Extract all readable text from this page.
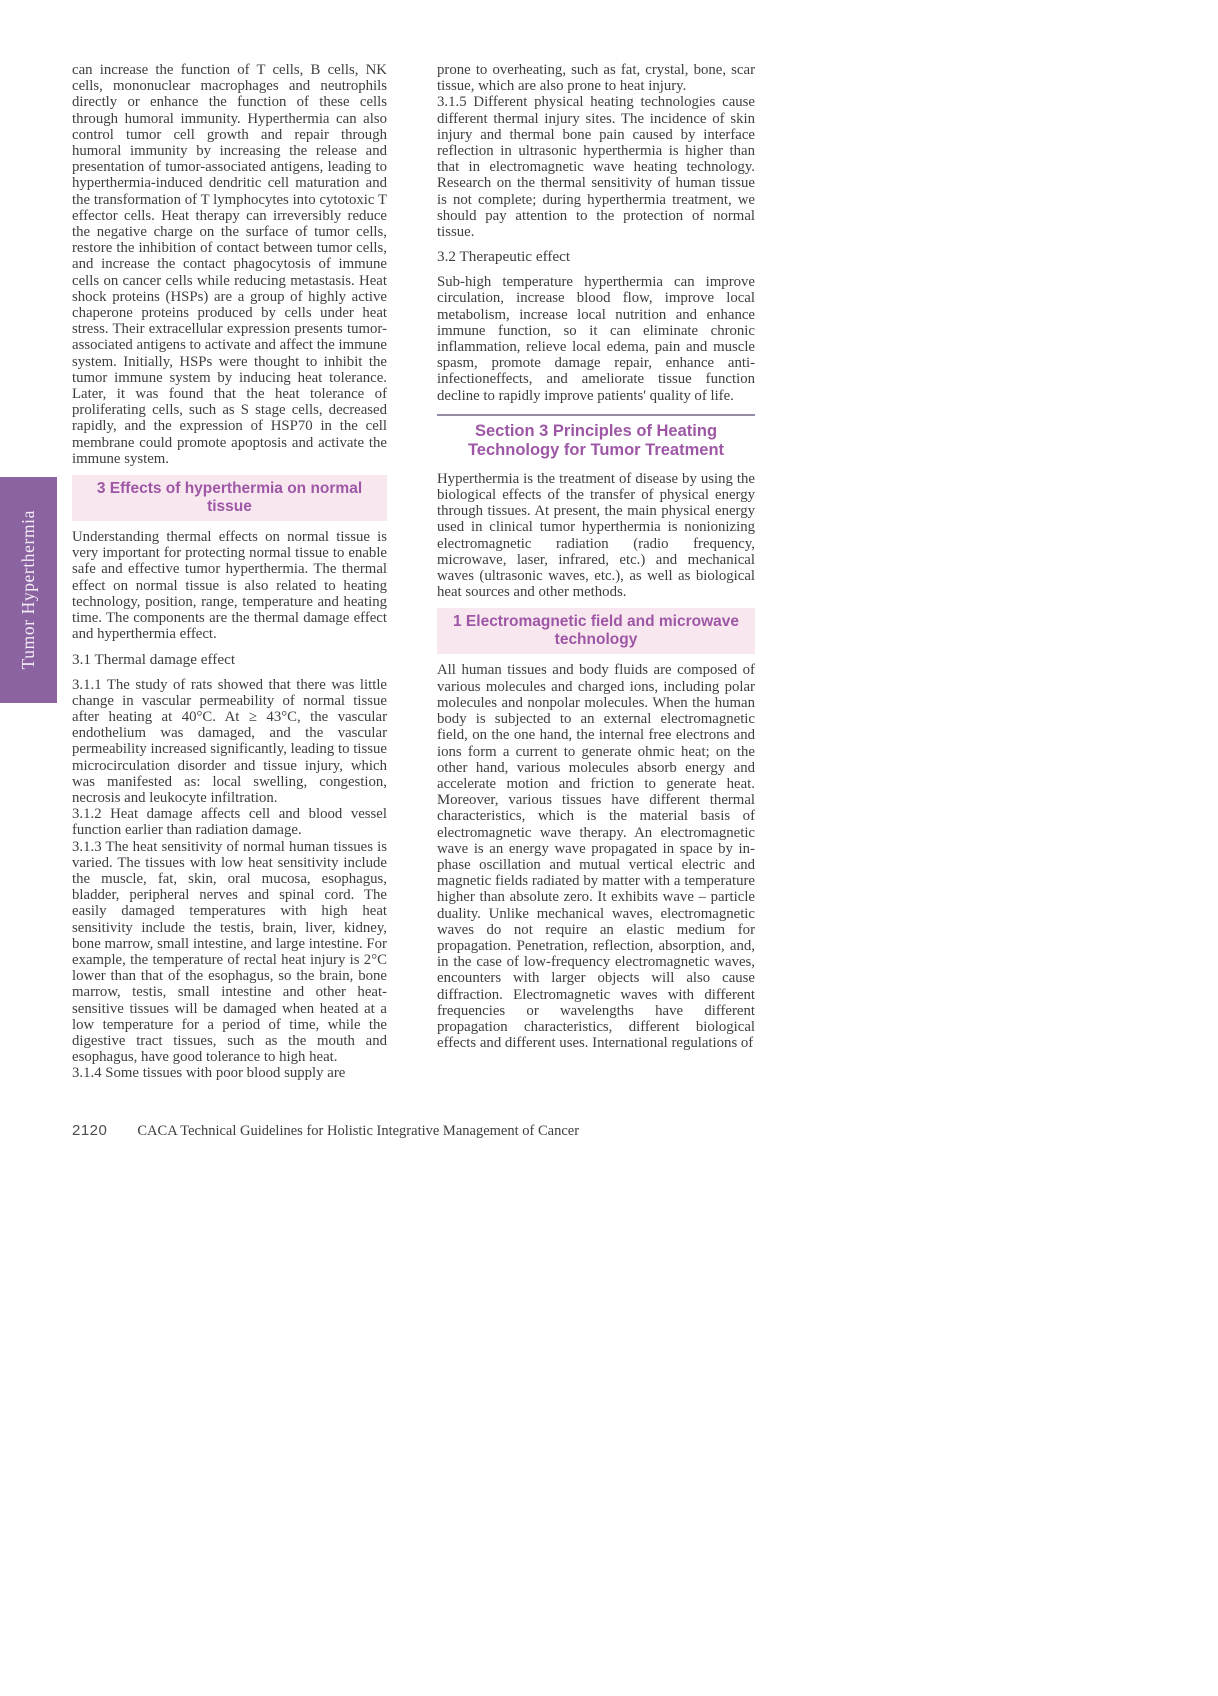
Tumor Hyperthermia

can increase the function of T cells, B cells, NK cells, mononuclear macrophages and neutrophils directly or enhance the function of these cells through humoral immunity. Hyperthermia can also control tumor cell growth and repair through humoral immunity by increasing the release and presentation of tumor-associated antigens, leading to hyperthermia-induced dendritic cell maturation and the transformation of T lymphocytes into cytotoxic T effector cells. Heat therapy can irreversibly reduce the negative charge on the surface of tumor cells, restore the inhibition of contact between tumor cells, and increase the contact phagocytosis of immune cells on cancer cells while reducing metastasis. Heat shock proteins (HSPs) are a group of highly active chaperone proteins produced by cells under heat stress. Their extracellular expression presents tumor-associated antigens to activate and affect the immune system. Initially, HSPs were thought to inhibit the tumor immune system by inducing heat tolerance. Later, it was found that the heat tolerance of proliferating cells, such as S stage cells, decreased rapidly, and the expression of HSP70 in the cell membrane could promote apoptosis and activate the immune system.

3 Effects of hyperthermia on normal tissue

Understanding thermal effects on normal tissue is very important for protecting normal tissue to enable safe and effective tumor hyperthermia. The thermal effect on normal tissue is also related to heating technology, position, range, temperature and heating time. The components are the thermal damage effect and hyperthermia effect.

3.1 Thermal damage effect

3.1.1 The study of rats showed that there was little change in vascular permeability of normal tissue after heating at 40°C. At ≥ 43°C, the vascular endothelium was damaged, and the vascular permeability increased significantly, leading to tissue microcirculation disorder and tissue injury, which was manifested as: local swelling, congestion, necrosis and leukocyte infiltration.

3.1.2 Heat damage affects cell and blood vessel function earlier than radiation damage.

3.1.3 The heat sensitivity of normal human tissues is varied. The tissues with low heat sensitivity include the muscle, fat, skin, oral mucosa, esophagus, bladder, peripheral nerves and spinal cord. The easily damaged temperatures with high heat sensitivity include the testis, brain, liver, kidney, bone marrow, small intestine, and large intestine. For example, the temperature of rectal heat injury is 2°C lower than that of the esophagus, so the brain, bone marrow, testis, small intestine and other heat-sensitive tissues will be damaged when heated at a low temperature for a period of time, while the digestive tract tissues, such as the mouth and esophagus, have good tolerance to high heat.

3.1.4 Some tissues with poor blood supply are

prone to overheating, such as fat, crystal, bone, scar tissue, which are also prone to heat injury.

3.1.5 Different physical heating technologies cause different thermal injury sites. The incidence of skin injury and thermal bone pain caused by interface reflection in ultrasonic hyperthermia is higher than that in electromagnetic wave heating technology. Research on the thermal sensitivity of human tissue is not complete; during hyperthermia treatment, we should pay attention to the protection of normal tissue.

3.2 Therapeutic effect

Sub-high temperature hyperthermia can improve circulation, increase blood flow, improve local metabolism, increase local nutrition and enhance immune function, so it can eliminate chronic inflammation, relieve local edema, pain and muscle spasm, promote damage repair, enhance anti-infectioneffects, and ameliorate tissue function decline to rapidly improve patients' quality of life.

Section 3 Principles of Heating Technology for Tumor Treatment

Hyperthermia is the treatment of disease by using the biological effects of the transfer of physical energy through tissues. At present, the main physical energy used in clinical tumor hyperthermia is nonionizing electromagnetic radiation (radio frequency, microwave, laser, infrared, etc.) and mechanical waves (ultrasonic waves, etc.), as well as biological heat sources and other methods.

1 Electromagnetic field and microwave technology

All human tissues and body fluids are composed of various molecules and charged ions, including polar molecules and nonpolar molecules. When the human body is subjected to an external electromagnetic field, on the one hand, the internal free electrons and ions form a current to generate ohmic heat; on the other hand, various molecules absorb energy and accelerate motion and friction to generate heat. Moreover, various tissues have different thermal characteristics, which is the material basis of electromagnetic wave therapy. An electromagnetic wave is an energy wave propagated in space by in-phase oscillation and mutual vertical electric and magnetic fields radiated by matter with a temperature higher than absolute zero. It exhibits wave – particle duality. Unlike mechanical waves, electromagnetic waves do not require an elastic medium for propagation. Penetration, reflection, absorption, and, in the case of low-frequency electromagnetic waves, encounters with larger objects will also cause diffraction. Electromagnetic waves with different frequencies or wavelengths have different propagation characteristics, different biological effects and different uses. International regulations of

2120 CACA Technical Guidelines for Holistic Integrative Management of Cancer
